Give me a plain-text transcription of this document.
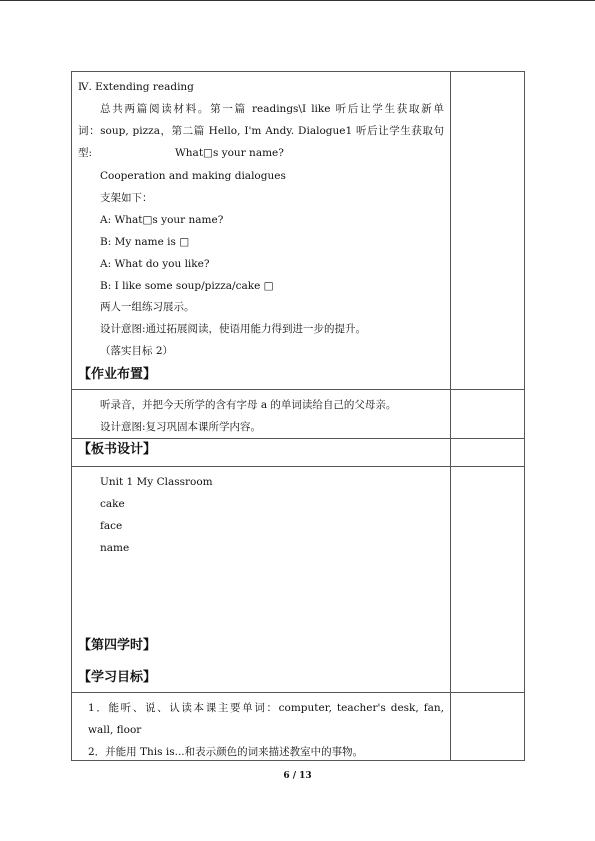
Ⅳ. Extending reading
总共两篇阅读材料。第一篇 readings\I like 听后让学生获取新单
词：soup, pizza，第二篇 Hello, I'm Andy. Dialogue1 听后让学生获取句
型:	What□s your name?
Cooperation and making dialogues
支架如下：
A: What□s your name?
B: My name is □
A: What do you like?
B: I like some soup/pizza/cake □
两人一组练习展示。
设计意图:通过拓展阅读，使语用能力得到进一步的提升。
（落实目标 2）
【作业布置】
听录音，并把今天所学的含有字母 a 的单词读给自己的父母亲。
设计意图:复习巩固本课所学内容。
【板书设计】
Unit 1 My Classroom
cake
face
name
【第四学时】
【学习目标】
1．能听、说、认读本课主要单词：computer, teacher's desk, fan,
wall, floor
2．并能用 This is...和表示颜色的词来描述教室中的事物。
6 / 13
